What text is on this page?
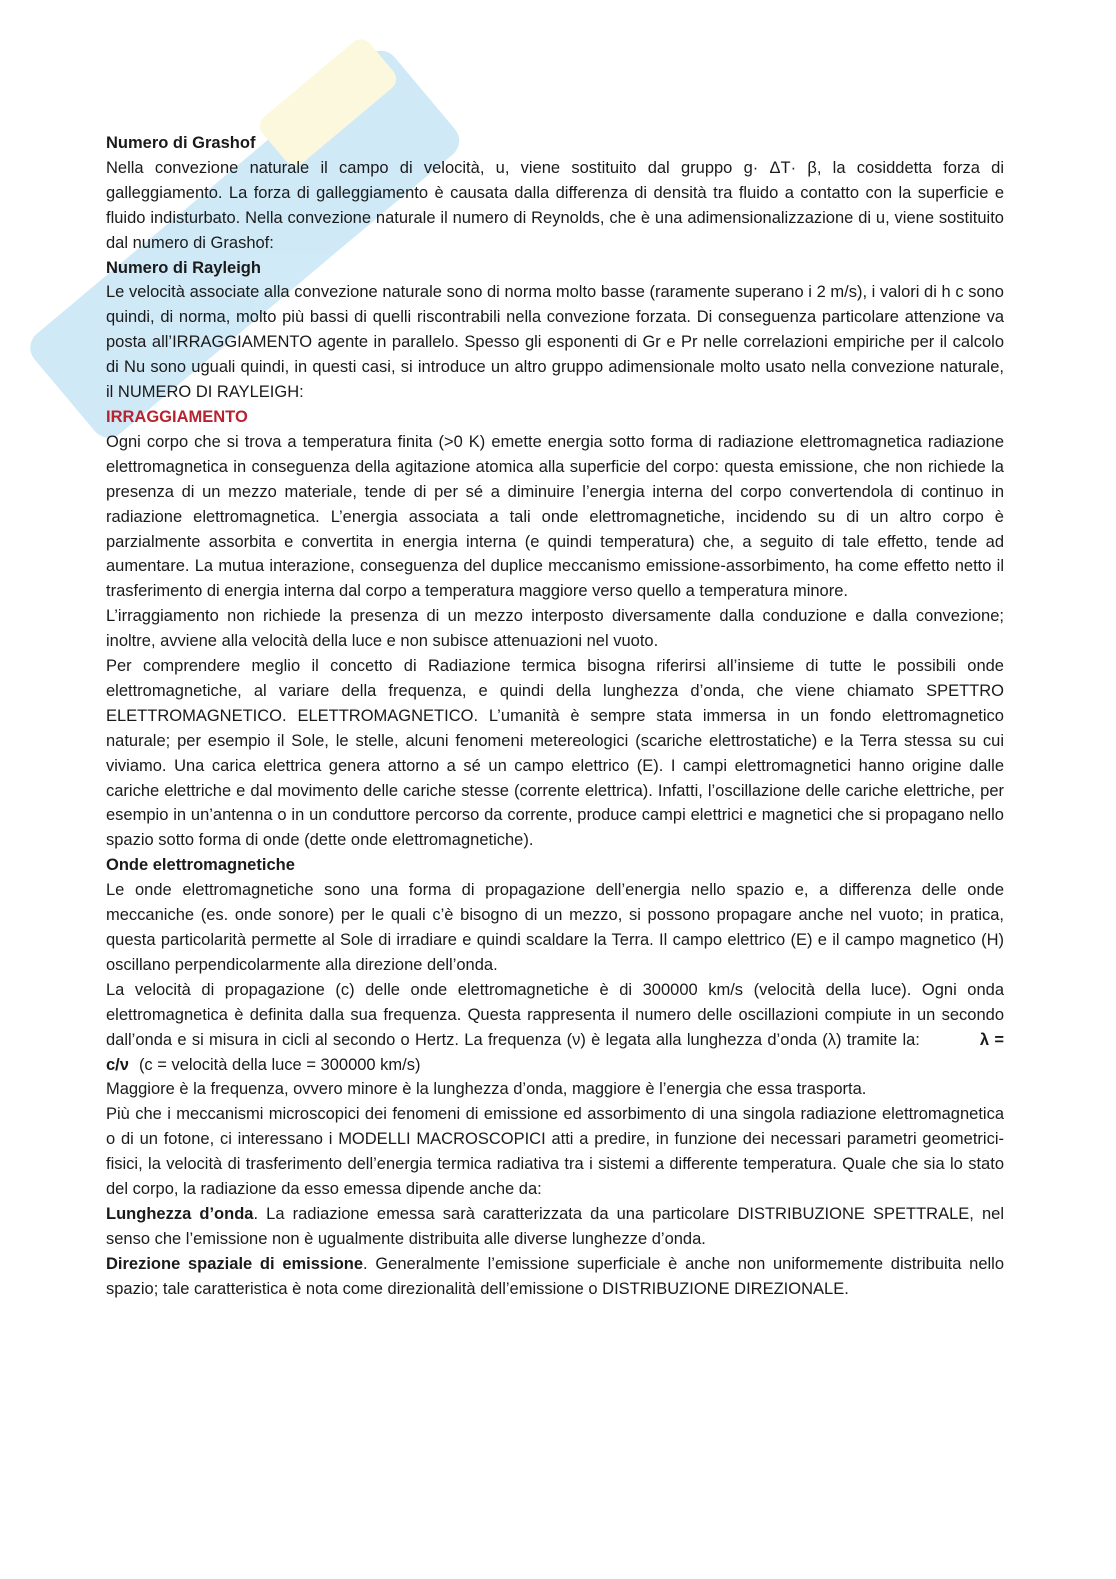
Numero di Grashof

Nella convezione naturale il campo di velocità, u, viene sostituito dal gruppo g· ΔT· β, la cosiddetta forza di galleggiamento. La forza di galleggiamento è causata dalla differenza di densità tra fluido a contatto con la superficie e fluido indisturbato. Nella convezione naturale il numero di Reynolds, che è una adimensionalizzazione di u, viene sostituito dal numero di Grashof:

Numero di Rayleigh

Le velocità associate alla convezione naturale sono di norma molto basse (raramente superano i 2 m/s), i valori di h c sono quindi, di norma, molto più bassi di quelli riscontrabili nella convezione forzata. Di conseguenza particolare attenzione va posta all’IRRAGGIAMENTO agente in parallelo. Spesso gli esponenti di Gr e Pr nelle correlazioni empiriche per il calcolo di Nu sono uguali quindi, in questi casi, si introduce un altro gruppo adimensionale molto usato nella convezione naturale, il NUMERO DI RAYLEIGH:

IRRAGGIAMENTO

Ogni corpo che si trova a temperatura finita (>0 K) emette energia sotto forma di radiazione elettromagnetica radiazione elettromagnetica in conseguenza della agitazione atomica alla superficie del corpo: questa emissione, che non richiede la presenza di un mezzo materiale, tende di per sé a diminuire l’energia interna del corpo convertendola di continuo in radiazione elettromagnetica. L’energia associata a tali onde elettromagnetiche, incidendo su di un altro corpo è parzialmente assorbita e convertita in energia interna (e quindi temperatura) che, a seguito di tale effetto, tende ad aumentare. La mutua interazione, conseguenza del duplice meccanismo emissione-assorbimento, ha come effetto netto il trasferimento di energia interna dal corpo a temperatura maggiore verso quello a temperatura minore.

L’irraggiamento non richiede la presenza di un mezzo interposto diversamente dalla conduzione e dalla convezione; inoltre, avviene alla velocità della luce e non subisce attenuazioni nel vuoto.

Per comprendere meglio il concetto di Radiazione termica bisogna riferirsi all’insieme di tutte le possibili onde elettromagnetiche, al variare della frequenza, e quindi della lunghezza d’onda, che viene chiamato SPETTRO ELETTROMAGNETICO. ELETTROMAGNETICO. L’umanità è sempre stata immersa in un fondo elettromagnetico naturale; per esempio il Sole, le stelle, alcuni fenomeni metereologici (scariche elettrostatiche) e la Terra stessa su cui viviamo. Una carica elettrica genera attorno a sé un campo elettrico (E). I campi elettromagnetici hanno origine dalle cariche elettriche e dal movimento delle cariche stesse (corrente elettrica). Infatti, l’oscillazione delle cariche elettriche, per esempio in un’antenna o in un conduttore percorso da corrente, produce campi elettrici e magnetici che si propagano nello spazio sotto forma di onde (dette onde elettromagnetiche).

Onde elettromagnetiche

Le onde elettromagnetiche sono una forma di propagazione dell’energia nello spazio e, a differenza delle onde meccaniche (es. onde sonore) per le quali c’è bisogno di un mezzo, si possono propagare anche nel vuoto; in pratica, questa particolarità permette al Sole di irradiare e quindi scaldare la Terra. Il campo elettrico (E) e il campo magnetico (H) oscillano perpendicolarmente alla direzione dell’onda.

La velocità di propagazione (c) delle onde elettromagnetiche è di 300000 km/s (velocità della luce). Ogni onda elettromagnetica è definita dalla sua frequenza. Questa rappresenta il numero delle oscillazioni compiute in un secondo dall’onda e si misura in cicli al secondo o Hertz. La frequenza (ν) è legata alla lunghezza d’onda (λ) tramite la:	λ = c/ν (c = velocità della luce = 300000 km/s)

Maggiore è la frequenza, ovvero minore è la lunghezza d’onda, maggiore è l’energia che essa trasporta.

Più che i meccanismi microscopici dei fenomeni di emissione ed assorbimento di una singola radiazione elettromagnetica o di un fotone, ci interessano i MODELLI MACROSCOPICI atti a predire, in funzione dei necessari parametri geometrici-fisici, la velocità di trasferimento dell’energia termica radiativa tra i sistemi a differente temperatura. Quale che sia lo stato del corpo, la radiazione da esso emessa dipende anche da:

Lunghezza d’onda. La radiazione emessa sarà caratterizzata da una particolare DISTRIBUZIONE SPETTRALE, nel senso che l’emissione non è ugualmente distribuita alle diverse lunghezze d’onda.

Direzione spaziale di emissione. Generalmente l’emissione superficiale è anche non uniformemente distribuita nello spazio; tale caratteristica è nota come direzionalità dell’emissione o DISTRIBUZIONE DIREZIONALE.
